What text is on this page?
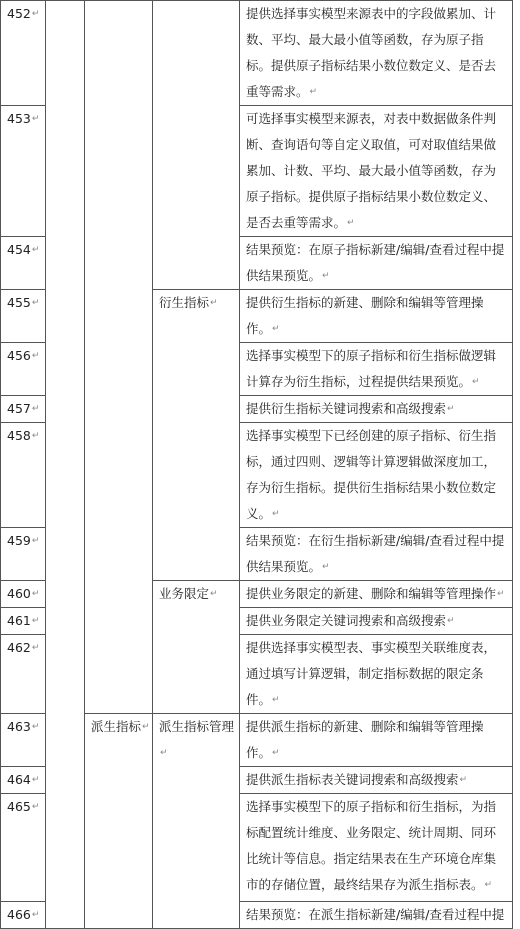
452↵				提供选择事实模型来源表中的字段做累加、计数、平均、最大最小值等函数，存为原子指标。提供原子指标结果小数位数定义、是否去重等需求。↵
453↵				可选择事实模型来源表，对表中数据做条件判断、查询语句等自定义取值，可对取值结果做累加、计数、平均、最大最小值等函数，存为原子指标。提供原子指标结果小数位数定义、是否去重等需求。↵
454↵				结果预览：在原子指标新建/编辑/查看过程中提供结果预览。↵
455↵			衍生指标↵	提供衍生指标的新建、删除和编辑等管理操作。↵
456↵				选择事实模型下的原子指标和衍生指标做逻辑计算存为衍生指标，过程提供结果预览。↵
457↵				提供衍生指标关键词搜索和高级搜索↵
458↵				选择事实模型下已经创建的原子指标、衍生指标，通过四则、逻辑等计算逻辑做深度加工，存为衍生指标。提供衍生指标结果小数位数定义。↵
459↵				结果预览：在衍生指标新建/编辑/查看过程中提供结果预览。↵
460↵			业务限定↵	提供业务限定的新建、删除和编辑等管理操作↵
461↵				提供业务限定关键词搜索和高级搜索↵
462↵				提供选择事实模型表、事实模型关联维度表，通过填写计算逻辑，制定指标数据的限定条件。↵
463↵		派生指标↵	派生指标管理↵	提供派生指标的新建、删除和编辑等管理操作。↵
464↵				提供派生指标表关键词搜索和高级搜索↵
465↵				选择事实模型下的原子指标和衍生指标，为指标配置统计维度、业务限定、统计周期、同环比统计等信息。指定结果表在生产环境仓库集市的存储位置，最终结果存为派生指标表。↵
466↵				结果预览：在派生指标新建/编辑/查看过程中提
